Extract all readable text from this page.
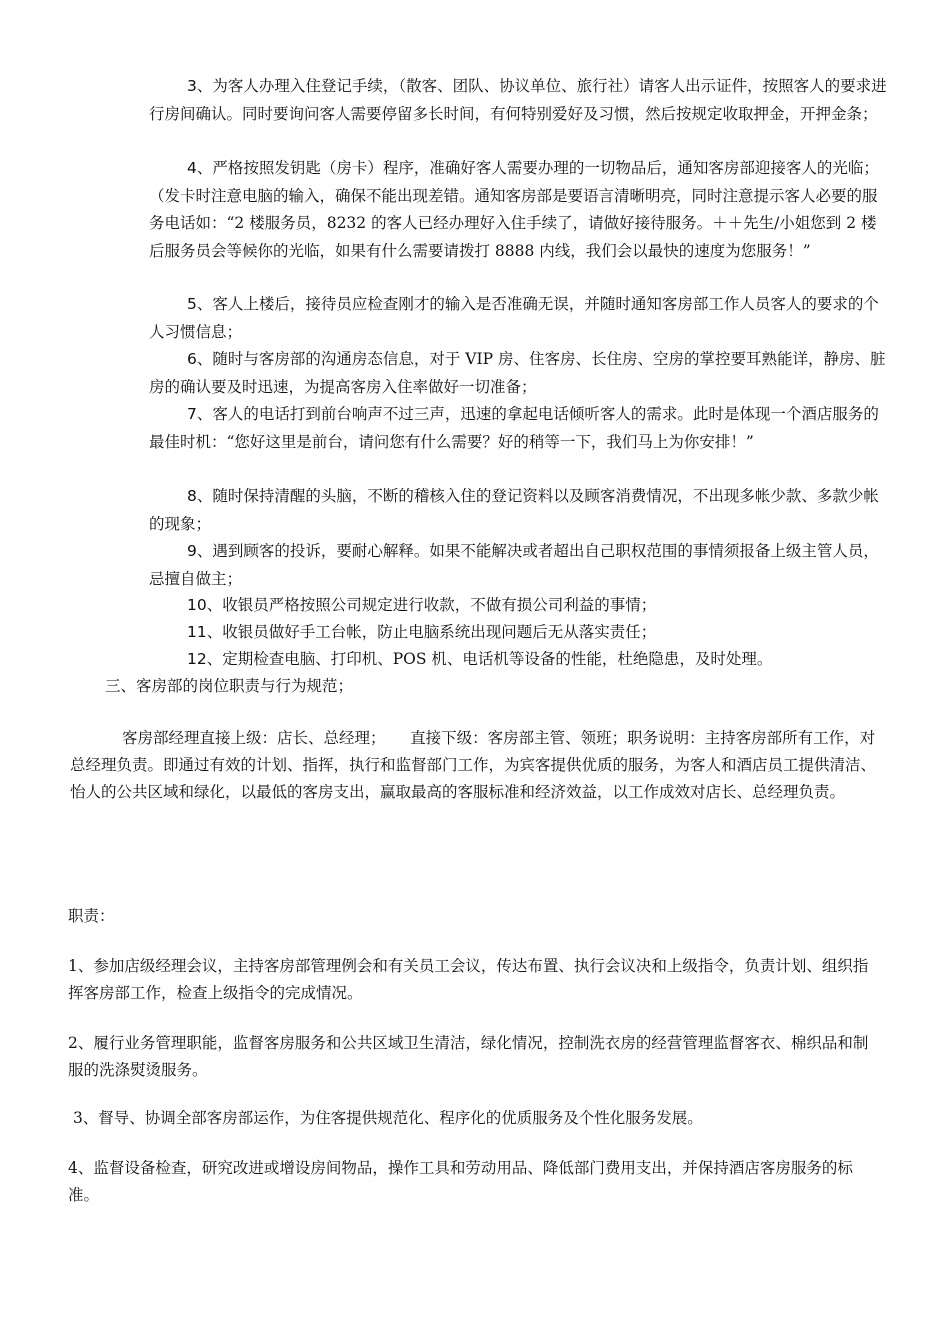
3、为客人办理入住登记手续，（散客、团队、协议单位、旅行社）请客人出示证件，按照客人的要求进行房间确认。同时要询问客人需要停留多长时间，有何特别爱好及习惯，然后按规定收取押金，开押金条；

4、严格按照发钥匙（房卡）程序，准确好客人需要办理的一切物品后，通知客房部迎接客人的光临；（发卡时注意电脑的输入，确保不能出现差错。通知客房部是要语言清晰明亮，同时注意提示客人必要的服务电话如：“2 楼服务员，8232 的客人已经办理好入住手续了，请做好接待服务。＋＋先生/小姐您到 2 楼后服务员会等候你的光临，如果有什么需要请拨打 8888 内线，我们会以最快的速度为您服务！”

5、客人上楼后，接待员应检查刚才的输入是否准确无误，并随时通知客房部工作人员客人的要求的个人习惯信息；

6、随时与客房部的沟通房态信息，对于 VIP 房、住客房、长住房、空房的掌控要耳熟能详，静房、脏房的确认要及时迅速，为提高客房入住率做好一切准备；

7、客人的电话打到前台响声不过三声，迅速的拿起电话倾听客人的需求。此时是体现一个酒店服务的最佳时机：“您好这里是前台，请问您有什么需要？好的稍等一下，我们马上为你安排！”

8、随时保持清醒的头脑，不断的稽核入住的登记资料以及顾客消费情况，不出现多帐少款、多款少帐的现象；

9、遇到顾客的投诉，要耐心解释。如果不能解决或者超出自己职权范围的事情须报备上级主管人员，忌擅自做主；

10、收银员严格按照公司规定进行收款，不做有损公司利益的事情；

11、收银员做好手工台帐，防止电脑系统出现问题后无从落实责任；

12、定期检查电脑、打印机、POS 机、电话机等设备的性能，杜绝隐患，及时处理。

三、客房部的岗位职责与行为规范；

客房部经理直接上级：店长、总经理；     直接下级：客房部主管、领班；职务说明：主持客房部所有工作，对总经理负责。即通过有效的计划、指挥，执行和监督部门工作，为宾客提供优质的服务，为客人和酒店员工提供清洁、怡人的公共区域和绿化，以最低的客房支出，赢取最高的客服标准和经济效益，以工作成效对店长、总经理负责。

职责：

1、参加店级经理会议，主持客房部管理例会和有关员工会议，传达布置、执行会议决和上级指令，负责计划、组织指挥客房部工作，检查上级指令的完成情况。

2、履行业务管理职能，监督客房服务和公共区域卫生清洁，绿化情况，控制洗衣房的经营管理监督客衣、棉织品和制服的洗涤熨烫服务。

3、督导、协调全部客房部运作，为住客提供规范化、程序化的优质服务及个性化服务发展。

4、监督设备检查，研究改进或增设房间物品，操作工具和劳动用品、降低部门费用支出，并保持酒店客房服务的标准。
